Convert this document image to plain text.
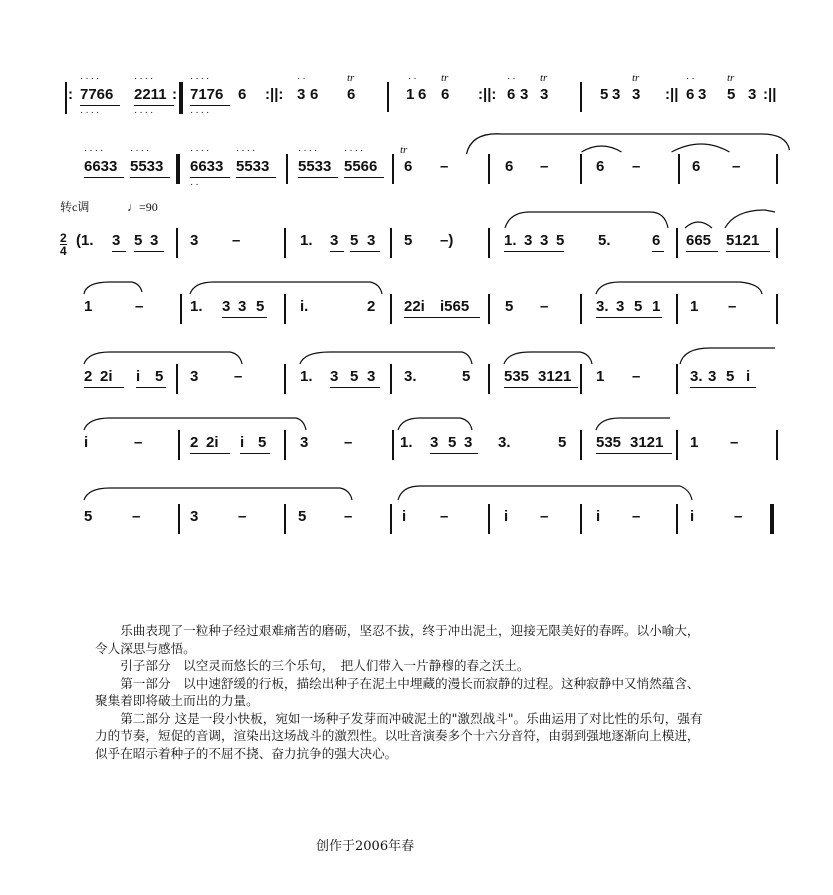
:
····
7766
····
····
2211
····
:
····
7176
····
6 :||:
··
3 6
tr

6
··
1 6
tr
6 :||:
··
6 3
tr
3	5 3
tr
3 :||
··
6 3
tr
5 3 :||
····
6633
····
5533
····
6633
··
····
5533
····
5533
····
5566
tr
6 –	6 –	6 –	6 –
转c调	♩=90
2
4
(1. 3 5 3 3 –	1. 3 5 3 5 –)	1. 3 3 5 5.	6 665 5121
1	–	1. 3 3 5 i.	2 22i i565 5 –	3. 3 5 1 1 –
2 2i i 5 3 –	1. 3 5 3 3.	5 535 3121 1 –	3. 3 5 i
i	–	2 2i i 5 3 –	1. 3 5 3 3.	5 535 3121 1 –
5	–	3	–	5	–	i –	i –	i –	i	–

乐曲表现了一粒种子经过艰难痛苦的磨砺，坚忍不拔，终于冲出泥土，迎接无限美好的春晖。以小喻大，令人深思与感悟。

引子部分　以空灵而悠长的三个乐句，　把人们带入一片静穆的春之沃土。

第一部分　以中速舒缓的行板，描绘出种子在泥土中埋藏的漫长而寂静的过程。这种寂静中又悄然蕴含、聚集着即将破土而出的力量。

第二部分 这是一段小快板，宛如一场种子发芽而冲破泥土的"激烈战斗"。乐曲运用了对比性的乐句，强有力的节奏，短促的音调，渲染出这场战斗的激烈性。以吐音演奏多个十六分音符，由弱到强地逐渐向上模进，似乎在昭示着种子的不屈不挠、奋力抗争的强大决心。

创作于2006年春
